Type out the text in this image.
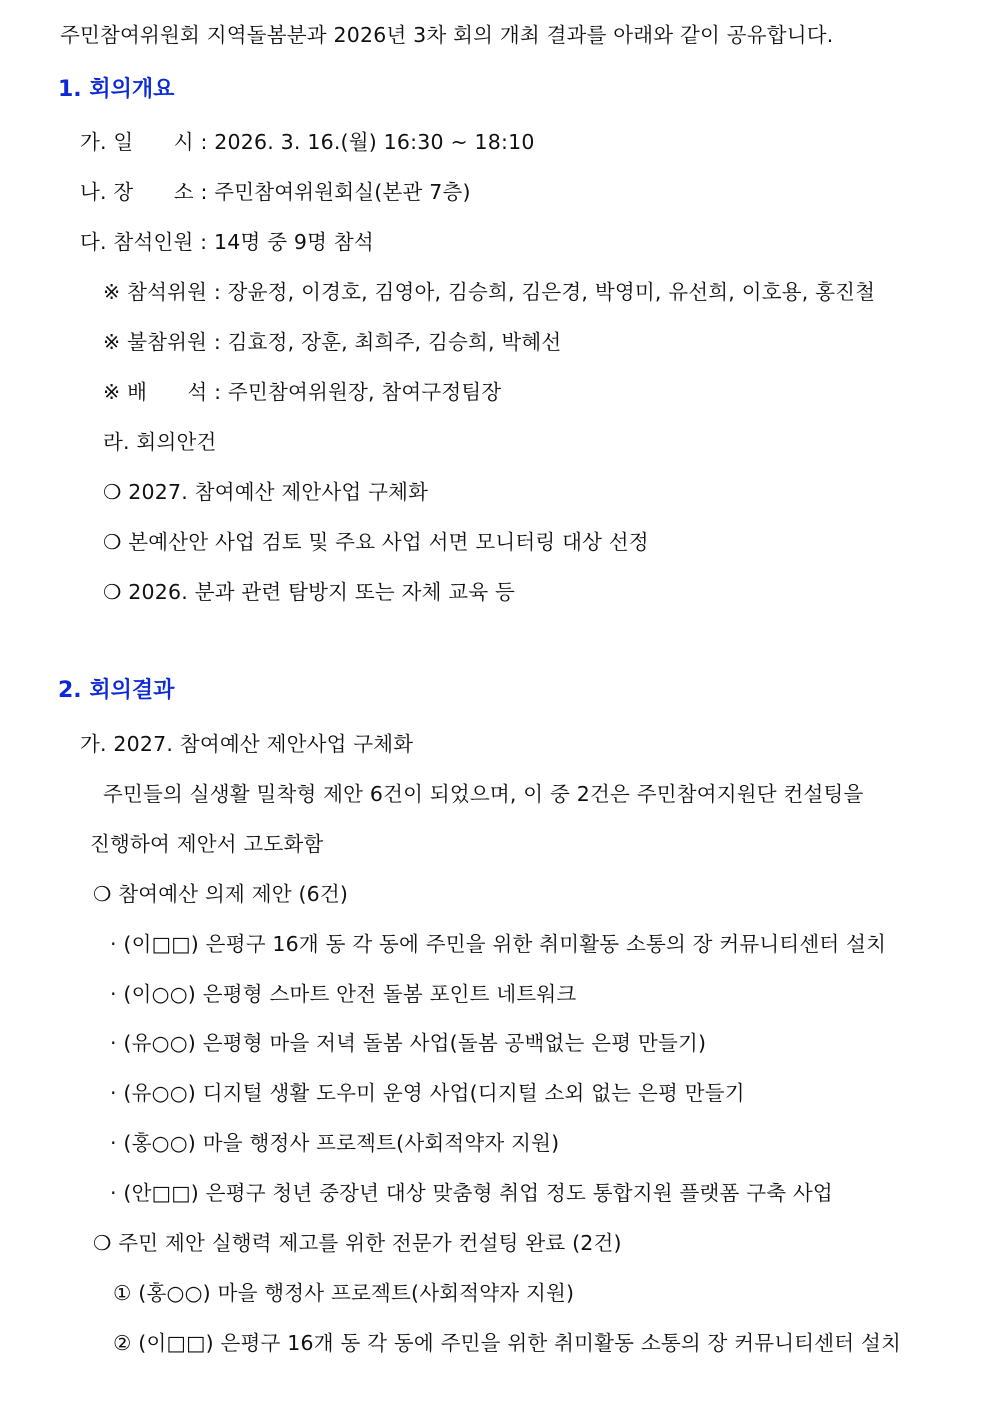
주민참여위원회 지역돌봄분과 2026년 3차 회의 개최 결과를 아래와 같이 공유합니다.
1. 회의개요
가. 일      시 : 2026. 3. 16.(월) 16:30 ~ 18:10
나. 장      소 : 주민참여위원회실(본관 7층)
다. 참석인원 : 14명 중 9명 참석
※ 참석위원 : 장윤정, 이경호, 김영아, 김승희, 김은경, 박영미, 유선희, 이호용, 홍진철
※ 불참위원 : 김효정, 장훈, 최희주, 김승희, 박혜선
※ 배      석 : 주민참여위원장, 참여구정팀장
라. 회의안건
❍ 2027. 참여예산 제안사업 구체화
❍ 본예산안 사업 검토 및 주요 사업 서면 모니터링 대상 선정
❍ 2026. 분과 관련 탐방지 또는 자체 교육 등
2. 회의결과
가. 2027. 참여예산 제안사업 구체화
주민들의 실생활 밀착형 제안 6건이 되었으며, 이 중 2건은 주민참여지원단 컨설팅을
진행하여 제안서 고도화함
❍ 참여예산 의제 제안 (6건)
· (이□□) 은평구 16개 동 각 동에 주민을 위한 취미활동 소통의 장 커뮤니티센터 설치
· (이○○) 은평형 스마트 안전 돌봄 포인트 네트워크
· (유○○) 은평형 마을 저녁 돌봄 사업(돌봄 공백없는 은평 만들기)
· (유○○) 디지털 생활 도우미 운영 사업(디지털 소외 없는 은평 만들기
· (홍○○) 마을 행정사 프로젝트(사회적약자 지원)
· (안□□) 은평구 청년 중장년 대상 맞춤형 취업 정도 통합지원 플랫폼 구축 사업
❍ 주민 제안 실행력 제고를 위한 전문가 컨설팅 완료 (2건)
① (홍○○) 마을 행정사 프로젝트(사회적약자 지원)
② (이□□) 은평구 16개 동 각 동에 주민을 위한 취미활동 소통의 장 커뮤니티센터 설치
